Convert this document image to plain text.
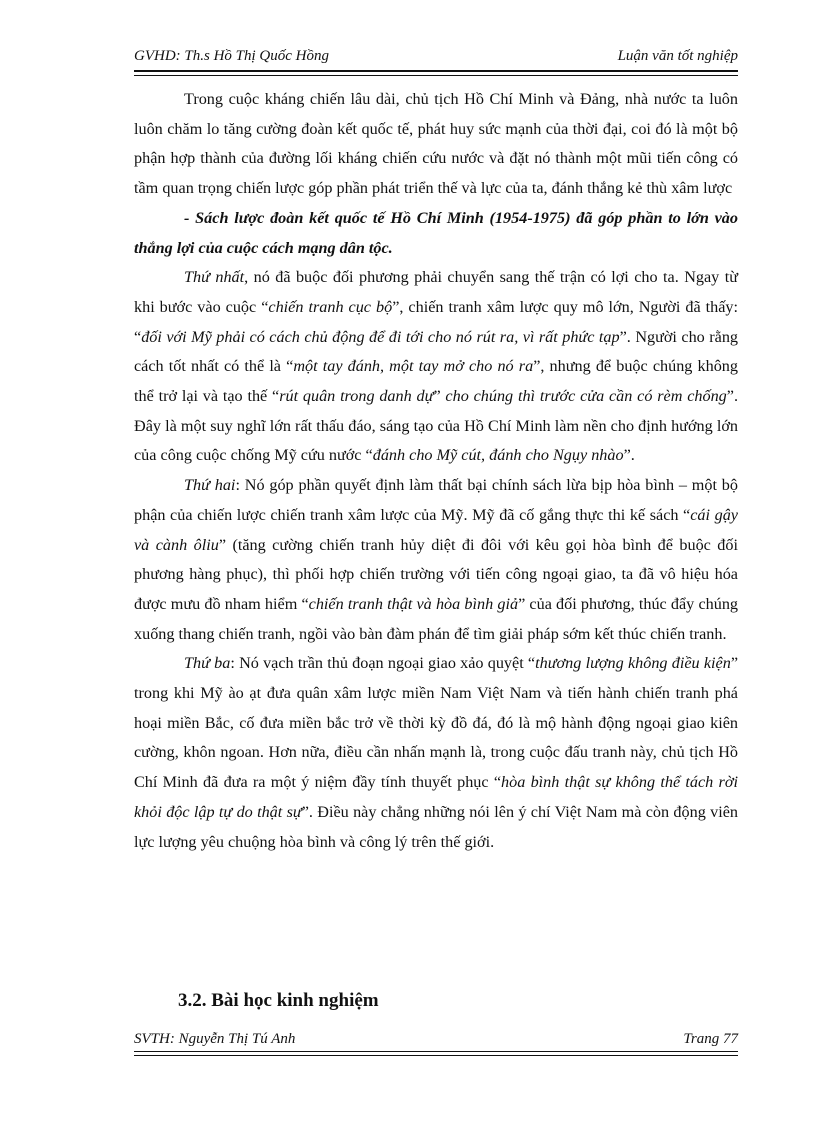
GVHD: Th.s Hồ Thị Quốc Hồng	Luận văn tốt nghiệp

Trong cuộc kháng chiến lâu dài, chủ tịch Hồ Chí Minh và Đảng, nhà nước ta luôn luôn chăm lo tăng cường đoàn kết quốc tế, phát huy sức mạnh của thời đại, coi đó là một bộ phận hợp thành của đường lối kháng chiến cứu nước và đặt nó thành một mũi tiến công có tầm quan trọng chiến lược góp phần phát triển thế và lực của ta, đánh thắng kẻ thù xâm lược

- Sách lược đoàn kết quốc tế Hồ Chí Minh (1954-1975) đã góp phần to lớn vào thắng lợi của cuộc cách mạng dân tộc.

Thứ nhất, nó đã buộc đối phương phải chuyển sang thế trận có lợi cho ta. Ngay từ khi bước vào cuộc “chiến tranh cục bộ”, chiến tranh xâm lược quy mô lớn, Người đã thấy: “đối với Mỹ phải có cách chủ động để đi tới cho nó rút ra, vì rất phức tạp”. Người cho rằng cách tốt nhất có thể là “một tay đánh, một tay mở cho nó ra”, nhưng để buộc chúng không thể trở lại và tạo thế “rút quân trong danh dự” cho chúng thì trước cửa cần có rèm chống”. Đây là một suy nghĩ lớn rất thấu đáo, sáng tạo của Hồ Chí Minh làm nền cho định hướng lớn của công cuộc chống Mỹ cứu nước “đánh cho Mỹ cút, đánh cho Ngụy nhào”.

Thứ hai: Nó góp phần quyết định làm thất bại chính sách lừa bịp hòa bình – một bộ phận của chiến lược chiến tranh xâm lược của Mỹ. Mỹ đã cố gắng thực thi kế sách “cái gậy và cành ôliu” (tăng cường chiến tranh hủy diệt đi đôi với kêu gọi hòa bình để buộc đối phương hàng phục), thì phối hợp chiến trường với tiến công ngoại giao, ta đã vô hiệu hóa được mưu đồ nham hiểm “chiến tranh thật và hòa bình giả” của đối phương, thúc đẩy chúng xuống thang chiến tranh, ngồi vào bàn đàm phán để tìm giải pháp sớm kết thúc chiến tranh.

Thứ ba: Nó vạch trần thủ đoạn ngoại giao xảo quyệt “thương lượng không điều kiện” trong khi Mỹ ào ạt đưa quân xâm lược miền Nam Việt Nam và tiến hành chiến tranh phá hoại miền Bắc, cố đưa miền bắc trở về thời kỳ đồ đá, đó là mộ hành động ngoại giao kiên cường, khôn ngoan. Hơn nữa, điều cần nhấn mạnh là, trong cuộc đấu tranh này, chủ tịch Hồ Chí Minh đã đưa ra một ý niệm đầy tính thuyết phục “hòa bình thật sự không thể tách rời khỏi độc lập tự do thật sự”. Điều này chẳng những nói lên ý chí Việt Nam mà còn động viên lực lượng yêu chuộng hòa bình và công lý trên thế giới.

3.2. Bài học kinh nghiệm
SVTH: Nguyễn Thị Tú Anh	Trang 77
